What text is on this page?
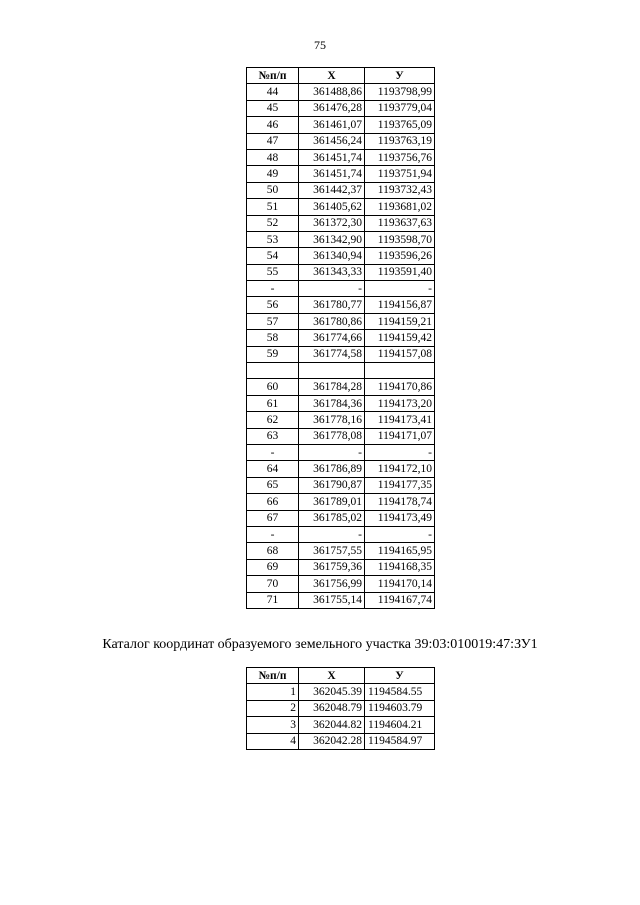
75
№п/п	X	У
44	361488,86	1193798,99
45	361476,28	1193779,04
46	361461,07	1193765,09
47	361456,24	1193763,19
48	361451,74	1193756,76
49	361451,74	1193751,94
50	361442,37	1193732,43
51	361405,62	1193681,02
52	361372,30	1193637,63
53	361342,90	1193598,70
54	361340,94	1193596,26
55	361343,33	1193591,40
-	-	-
56	361780,77	1194156,87
57	361780,86	1194159,21
58	361774,66	1194159,42
59	361774,58	1194157,08

60	361784,28	1194170,86
61	361784,36	1194173,20
62	361778,16	1194173,41
63	361778,08	1194171,07
-	-	-
64	361786,89	1194172,10
65	361790,87	1194177,35
66	361789,01	1194178,74
67	361785,02	1194173,49
-	-	-
68	361757,55	1194165,95
69	361759,36	1194168,35
70	361756,99	1194170,14
71	361755,14	1194167,74
Каталог координат образуемого земельного участка 39:03:010019:47:ЗУ1
№п/п	X	У
1	362045.39	1194584.55
2	362048.79	1194603.79
3	362044.82	1194604.21
4	362042.28	1194584.97
